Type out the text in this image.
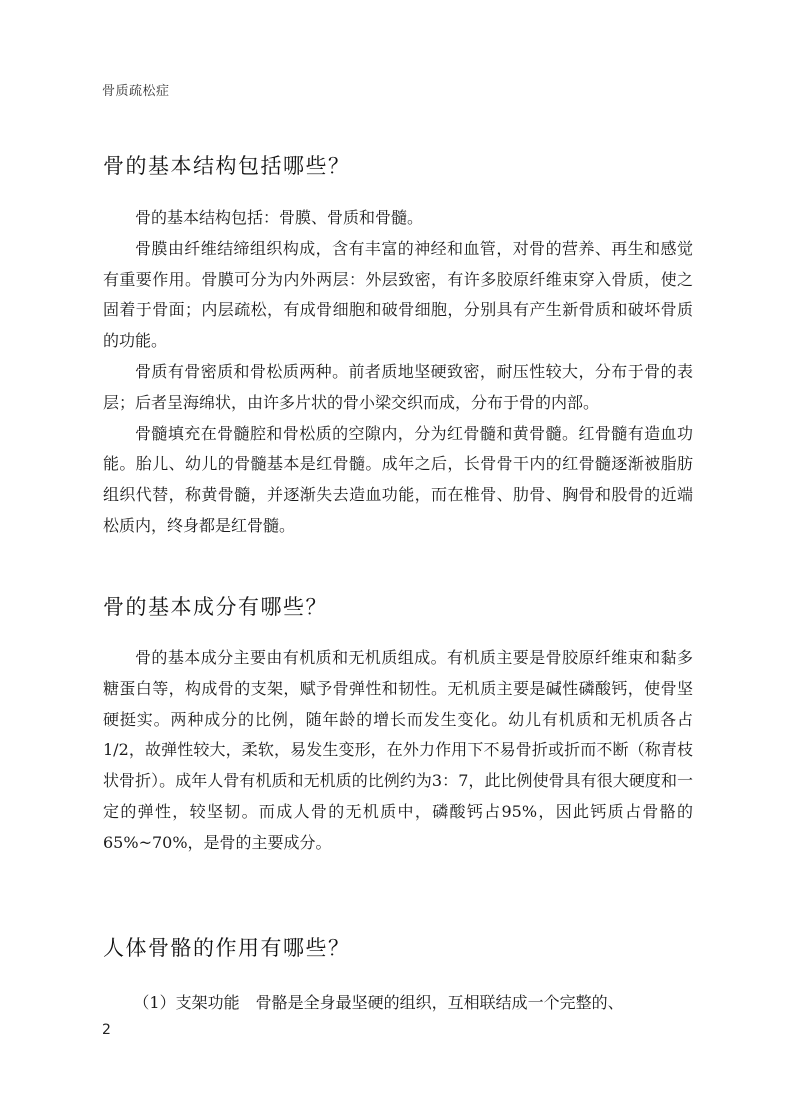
骨质疏松症
骨的基本结构包括哪些？

骨的基本结构包括：骨膜、骨质和骨髓。

骨膜由纤维结缔组织构成，含有丰富的神经和血管，对骨的营养、再生和感觉有重要作用。骨膜可分为内外两层：外层致密，有许多胶原纤维束穿入骨质，使之固着于骨面；内层疏松，有成骨细胞和破骨细胞，分别具有产生新骨质和破坏骨质的功能。

骨质有骨密质和骨松质两种。前者质地坚硬致密，耐压性较大，分布于骨的表层；后者呈海绵状，由许多片状的骨小梁交织而成，分布于骨的内部。

骨髓填充在骨髓腔和骨松质的空隙内，分为红骨髓和黄骨髓。红骨髓有造血功能。胎儿、幼儿的骨髓基本是红骨髓。成年之后，长骨骨干内的红骨髓逐渐被脂肪组织代替，称黄骨髓，并逐渐失去造血功能，而在椎骨、肋骨、胸骨和股骨的近端松质内，终身都是红骨髓。

骨的基本成分有哪些？

骨的基本成分主要由有机质和无机质组成。有机质主要是骨胶原纤维束和黏多糖蛋白等，构成骨的支架，赋予骨弹性和韧性。无机质主要是碱性磷酸钙，使骨坚硬挺实。两种成分的比例，随年龄的增长而发生变化。幼儿有机质和无机质各占1/2，故弹性较大，柔软，易发生变形，在外力作用下不易骨折或折而不断（称青枝状骨折）。成年人骨有机质和无机质的比例约为3：7，此比例使骨具有很大硬度和一定的弹性，较坚韧。而成人骨的无机质中，磷酸钙占95%，因此钙质占骨骼的65%~70%，是骨的主要成分。

人体骨骼的作用有哪些？

（1）支架功能　骨骼是全身最坚硬的组织，互相联结成一个完整的、

2
